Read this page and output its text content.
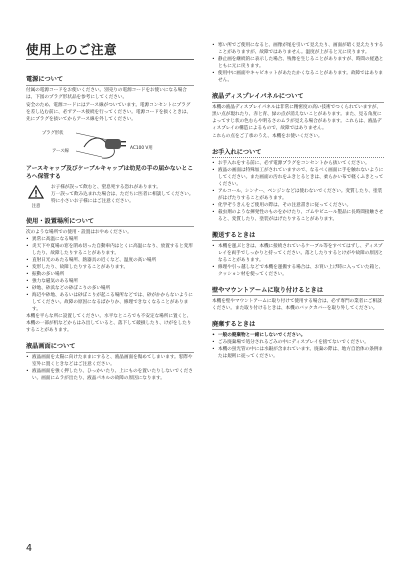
使用上のご注意
電源について

付属の電源コードをお使いください。別売りの電源コードをお使いになる場合は、下図のプラグ形状品を参考にしてください。

安全のため、電源コードにはアース線がついています。電源コンセントにプラグを差し込む前に、必ずアース接続を行ってください。電源コードを抜くときは、先にプラグを抜いてからアース線を外してください。

プラグ形状
アース線
AC100 V用
アースキャップ及びケーブルキャップは幼児の手の届かないところへ保管する
注意

お子様が誤って飲むと、窒息死する恐れがあります。

万一誤って飲み込まれた場合は、ただちに医者に相談してください。

特に小さいお子様にはご注意ください。

使用・設置場所について

次のような場所での使用・設置はおやめください。

• 異常に高温になる場所
• 炎天下や夏場の窓を閉め切った自動車内はとくに高温になり、放置すると変形したり、故障したりすることがあります。
• 直射日光のあたる場所、熱器具の近くなど、温度の高い場所
• 変形したり、故障したりすることがあります。
• 振動の多い場所
• 強力な磁気のある場所
• 砂地、砂浜などの砂ぼこりの多い場所
• 海辺や砂地、あるいは砂ぼこりが起こる場所などでは、砂がかからないようにしてください。故障の原因になるばかりか、修理できなくなることがあります。

本機を平らな所に設置してください。水平なところでも不安定な場所に置くと、本機の一部が机などからはみ出していると、落下して破損したり、けがをしたりすることがあります。

液晶画面について
• 液晶画面を太陽に向けたままにすると、液晶画面を傷めてしまいます。窓際や室外に置くときなどはご注意ください。
• 液晶画面を強く押したり、ひっかいたり、上にものを置いたりしないでください。画面にムラが出たり、液晶パネルの故障の原因になります。
• 寒い所でご使用になると、画像が尾を引いて見えたり、画面が暗く見えたりすることがありますが、故障ではありません。温度が上がると元に戻ります。
• 静止画を継続的に表示した場合、残像を生じることがありますが、時間の経過とともに元に戻ります。
• 使用中に画面やキャビネットがあたたかくなることがあります。故障ではありません。
液晶ディスプレイパネルについて

本機の液晶ディスプレイパネルは非常に精密度の高い技術でつくられていますが、黒い点が現れたり、赤と青、緑の点が消えないことがあります。また、見る角度によってすじ状の色むらや明るさのムラが見える場合があります。これらは、液晶ディスプレイの構造によるもので、故障ではありません。

これらの点をご了承のうえ、本機をお使いください。

お手入れについて
• お手入れをする前に、必ず電源プラグをコンセントから抜いてください。
• 液晶の画面は特殊加工がされていますので、なるべく画面に手を触れないようにしてください。また画面の汚れをふきとるときは、柔らかい布で軽くふきとってください。
• アルコール、シンナー、ベンジンなどは使わないでください。変質したり、塗装がはげたりすることがあります。
• 化学ぞうきんをご使用の際は、その注意書きに従ってください。
• 殺虫剤のような揮発性のものをかけたり、ゴムやビニール製品に長時間接触させると、変質したり、塗装がはげたりすることがあります。
搬送するときは
• 本機を運ぶときは、本機に接続されているケーブル等をすべてはずし、ディスプレイを両手でしっかりと持ってください。落としたりするとけがや故障の原因となることがあります。
• 修理や引っ越しなどで本機を運搬する場合は、お買い上げ時に入っていた箱と、クッション材を使ってください。
壁やマウントアームに取り付けるときは

本機を壁やマウントアームに取り付けて使用する場合は、必ず専門の業者にご相談ください。また取り付けるときは、本機のバックカバーを取り外してください。

廃棄するときは
• 一般の廃棄物と一緒にしないでください。
• ごみ廃棄場で処分されるごみの中にディスプレイを捨てないでください。
• 本機の蛍光管の中には水銀が含まれています。廃棄の際は、地方自治体の条例または規則に従ってください。
4
